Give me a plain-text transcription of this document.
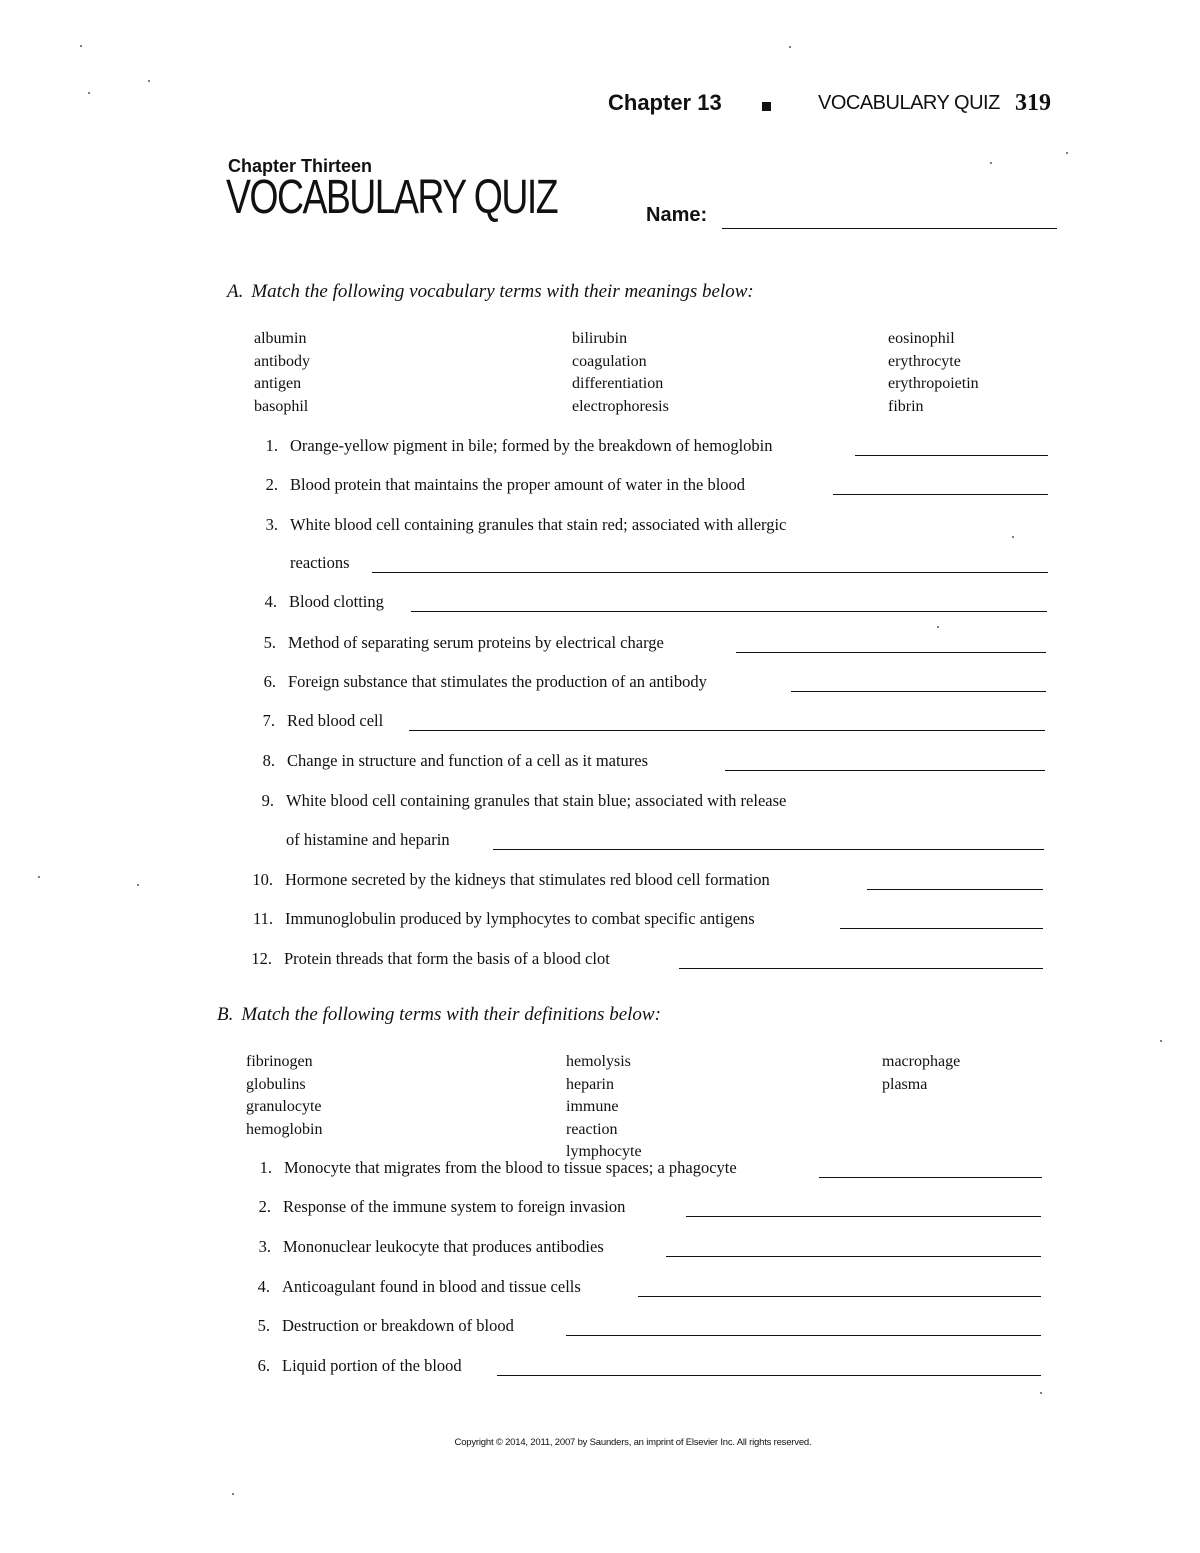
Chapter 13	VOCABULARY QUIZ 319
Chapter Thirteen
VOCABULARY QUIZ	Name:
A. Match the following vocabulary terms with their meanings below:
albumin
antibody
antigen
basophil
bilirubin
coagulation
differentiation
electrophoresis
eosinophil
erythrocyte
erythropoietin
fibrin
1. Orange-yellow pigment in bile; formed by the breakdown of hemoglobin
2. Blood protein that maintains the proper amount of water in the blood
3. White blood cell containing granules that stain red; associated with allergic
reactions
4. Blood clotting
5. Method of separating serum proteins by electrical charge
6. Foreign substance that stimulates the production of an antibody
7. Red blood cell
8. Change in structure and function of a cell as it matures
9. White blood cell containing granules that stain blue; associated with release
of histamine and heparin
10. Hormone secreted by the kidneys that stimulates red blood cell formation
11. Immunoglobulin produced by lymphocytes to combat specific antigens
12. Protein threads that form the basis of a blood clot
B. Match the following terms with their definitions below:
fibrinogen
globulins
granulocyte
hemoglobin
hemolysis
heparin
immune reaction
lymphocyte
macrophage
plasma
1. Monocyte that migrates from the blood to tissue spaces; a phagocyte
2. Response of the immune system to foreign invasion
3. Mononuclear leukocyte that produces antibodies
4. Anticoagulant found in blood and tissue cells
5. Destruction or breakdown of blood
6. Liquid portion of the blood
Copyright © 2014, 2011, 2007 by Saunders, an imprint of Elsevier Inc. All rights reserved.
